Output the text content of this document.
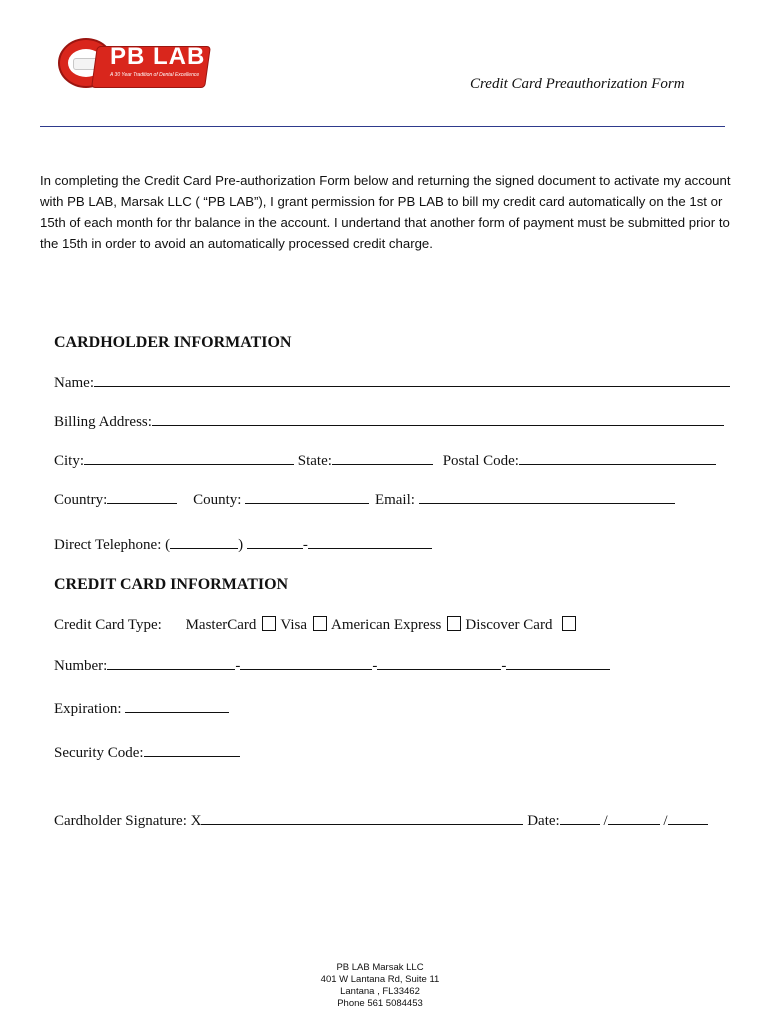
PB LAB
A 30 Year Tradition of Dental Excellence
Credit Card Preauthorization Form
In completing the Credit Card Pre-authorization Form below and returning the signed document to activate my account with PB LAB, Marsak LLC ( “PB LAB”), I grant permission for PB LAB to bill my credit card automatically on the 1st or 15th of each month for thr balance in the account. I undertand that another form of payment must be submitted prior to the 15th in order to avoid an automatically processed credit charge.
CARDHOLDER INFORMATION
Name:
Billing Address:
City:	State:	Postal Code:
Country:	County:	Email:
Direct Telephone: (	)	-
CREDIT CARD INFORMATION
Credit Card Type: MasterCard Visa American Express Discover Card
Number:	-	-	-
Expiration:
Security Code:
Cardholder Signature: X	Date:	/	/
PB LAB Marsak LLC
401 W Lantana Rd, Suite 11
Lantana , FL33462
Phone 561 5084453
